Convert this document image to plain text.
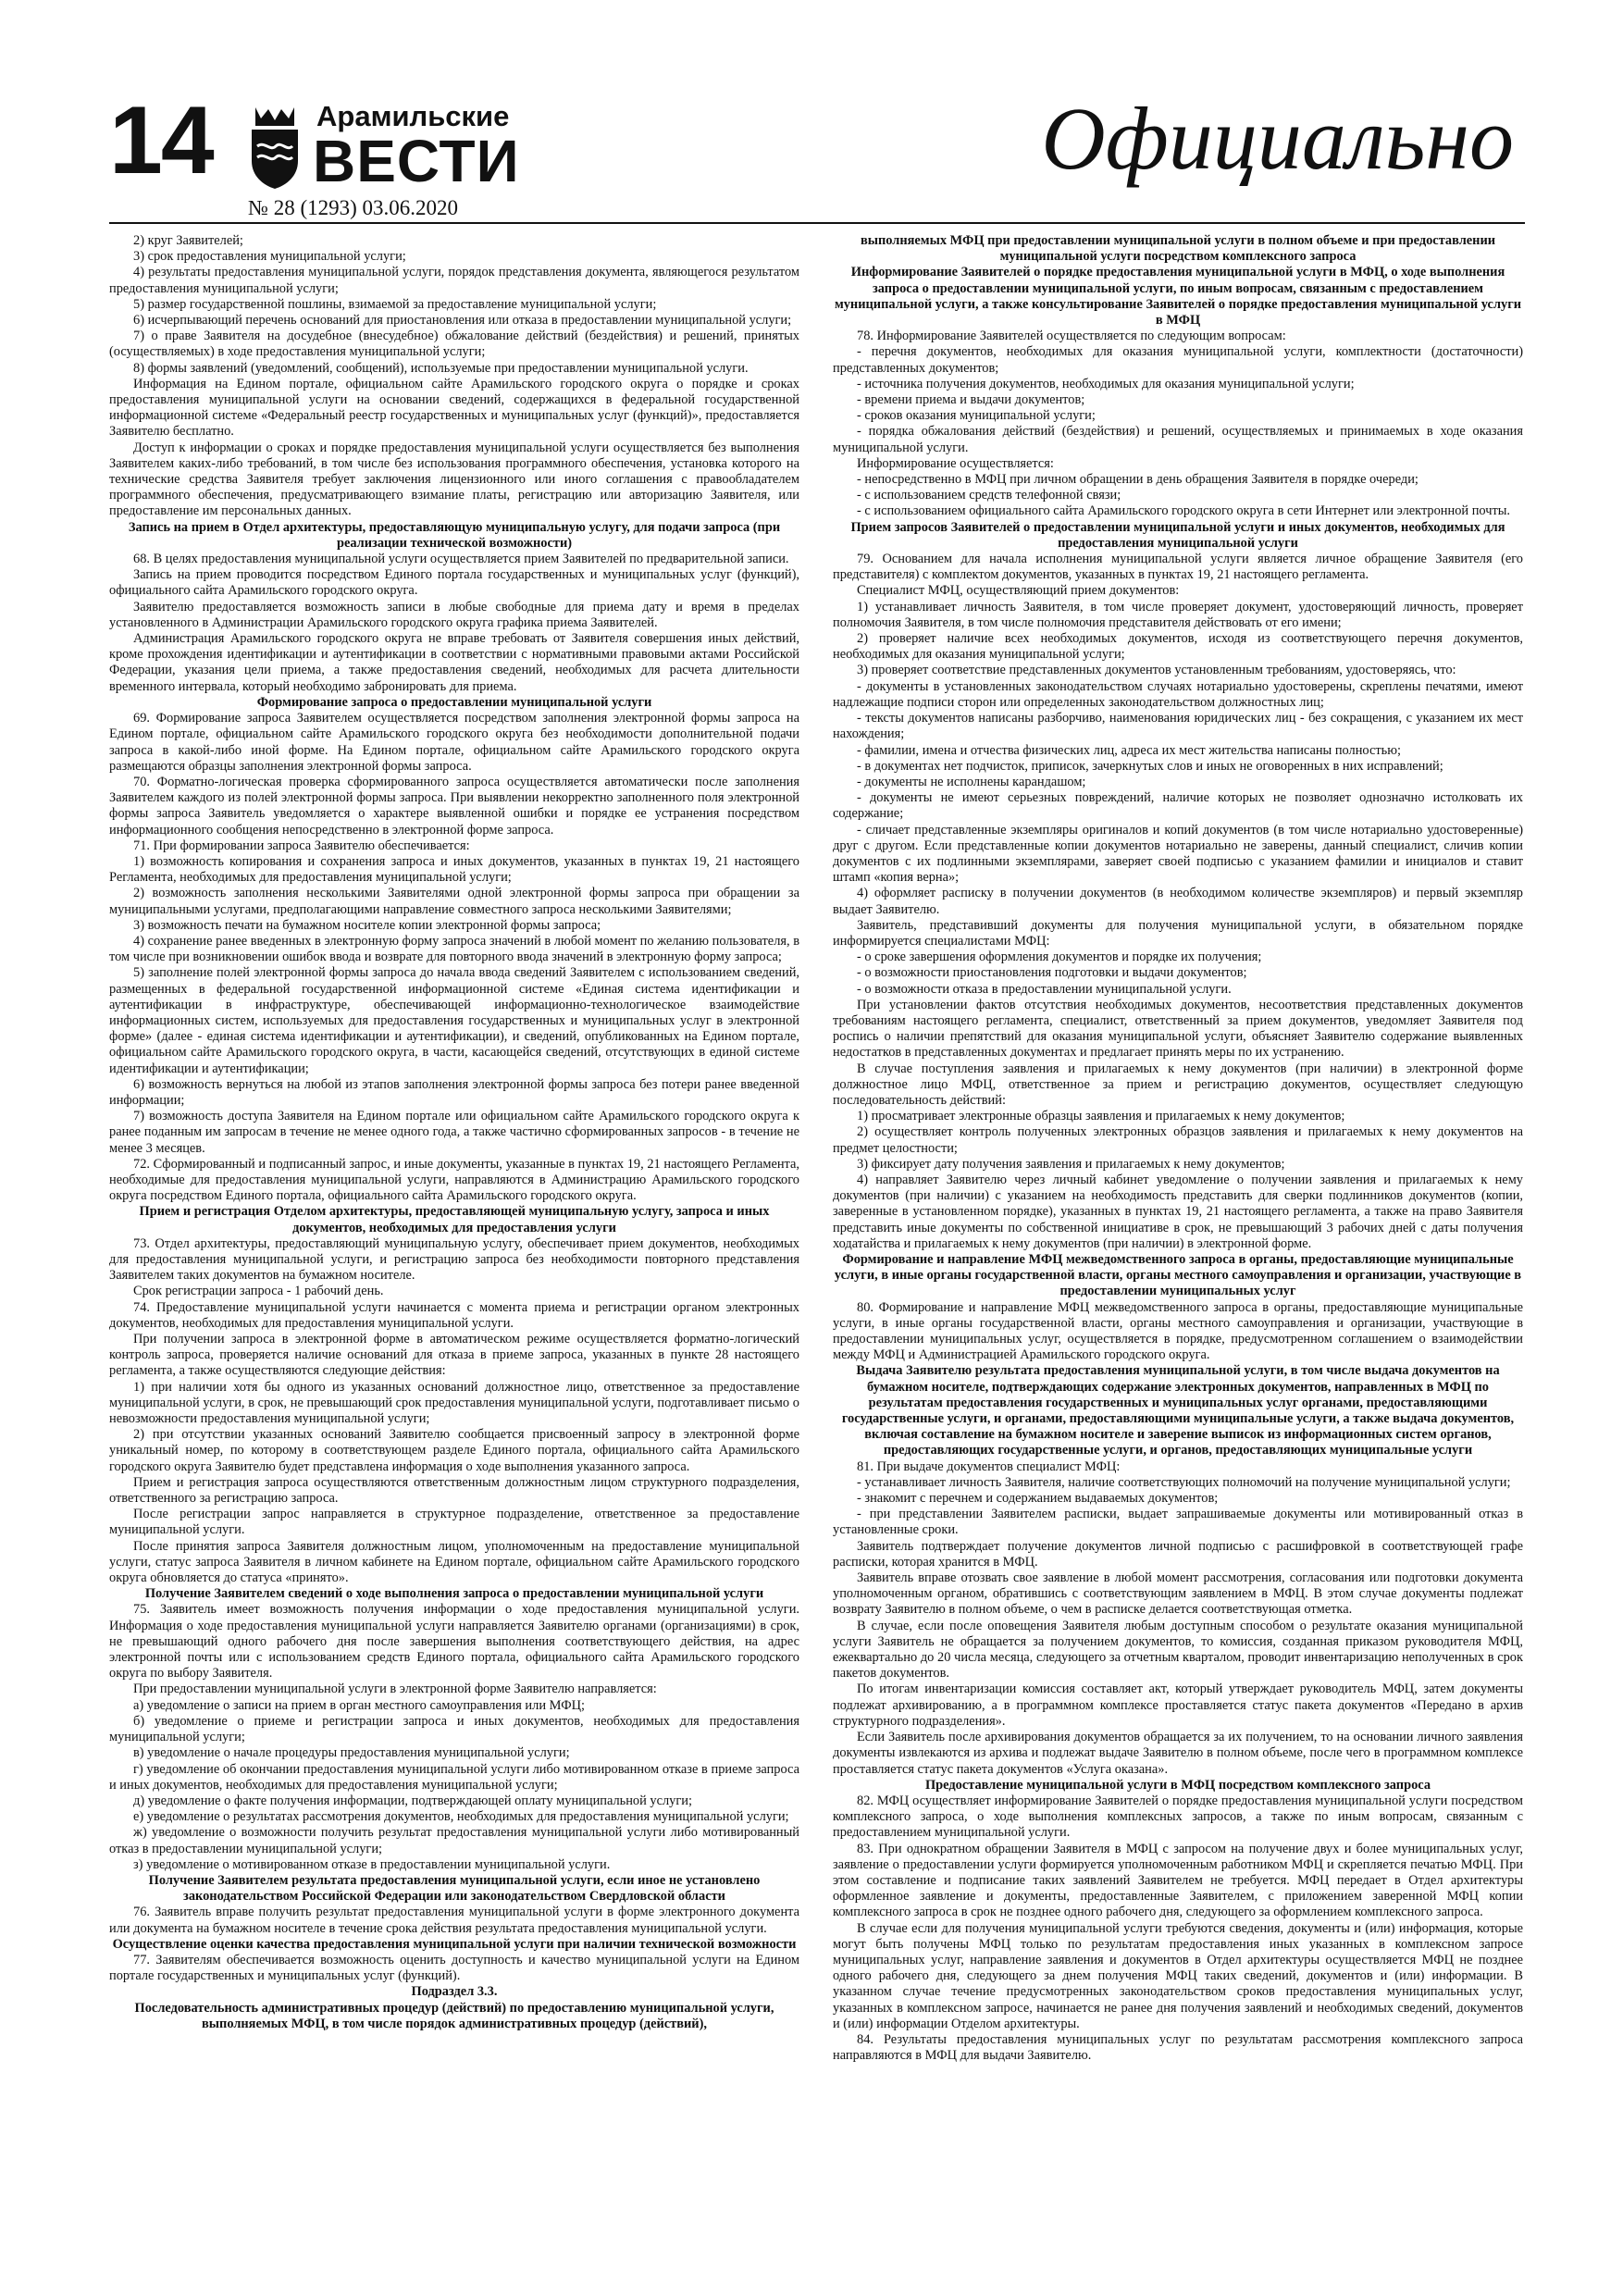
14	Арамильские
ВЕСТИ
№ 28 (1293) 03.06.2020
Официально

2) круг Заявителей;

3) срок предоставления муниципальной услуги;

4) результаты предоставления муниципальной услуги, порядок представления документа, являющегося результатом предоставления муниципальной услуги;

5) размер государственной пошлины, взимаемой за предоставление муниципальной услуги;

6) исчерпывающий перечень оснований для приостановления или отказа в предоставлении муниципальной услуги;

7) о праве Заявителя на досудебное (внесудебное) обжалование действий (бездействия) и решений, принятых (осуществляемых) в ходе предоставления муниципальной услуги;

8) формы заявлений (уведомлений, сообщений), используемые при предоставлении муниципальной услуги.

Информация на Едином портале, официальном сайте Арамильского городского округа о порядке и сроках предоставления муниципальной услуги на основании сведений, содержащихся в федеральной государственной информационной системе «Федеральный реестр государственных и муниципальных услуг (функций)», предоставляется Заявителю бесплатно.

Доступ к информации о сроках и порядке предоставления муниципальной услуги осуществляется без выполнения Заявителем каких-либо требований, в том числе без использования программного обеспечения, установка которого на технические средства Заявителя требует заключения лицензионного или иного соглашения с правообладателем программного обеспечения, предусматривающего взимание платы, регистрацию или авторизацию Заявителя, или предоставление им персональных данных.

Запись на прием в Отдел архитектуры, предоставляющую муниципальную услугу, для подачи запроса (при реализации технической возможности)

68. В целях предоставления муниципальной услуги осуществляется прием Заявителей по предварительной записи.

Запись на прием проводится посредством Единого портала государственных и муниципальных услуг (функций), официального сайта Арамильского городского округа.

Заявителю предоставляется возможность записи в любые свободные для приема дату и время в пределах установленного в Администрации Арамильского городского округа графика приема Заявителей.

Администрация Арамильского городского округа не вправе требовать от Заявителя совершения иных действий, кроме прохождения идентификации и аутентификации в соответствии с нормативными правовыми актами Российской Федерации, указания цели приема, а также предоставления сведений, необходимых для расчета длительности временного интервала, который необходимо забронировать для приема.

Формирование запроса о предоставлении муниципальной услуги

69. Формирование запроса Заявителем осуществляется посредством заполнения электронной формы запроса на Едином портале, официальном сайте Арамильского городского округа без необходимости дополнительной подачи запроса в какой-либо иной форме. На Едином портале, официальном сайте Арамильского городского округа размещаются образцы заполнения электронной формы запроса.

70. Форматно-логическая проверка сформированного запроса осуществляется автоматически после заполнения Заявителем каждого из полей электронной формы запроса. При выявлении некорректно заполненного поля электронной формы запроса Заявитель уведомляется о характере выявленной ошибки и порядке ее устранения посредством информационного сообщения непосредственно в электронной форме запроса.

71. При формировании запроса Заявителю обеспечивается:

1) возможность копирования и сохранения запроса и иных документов, указанных в пунктах 19, 21 настоящего Регламента, необходимых для предоставления муниципальной услуги;

2) возможность заполнения несколькими Заявителями одной электронной формы запроса при обращении за муниципальными услугами, предполагающими направление совместного запроса несколькими Заявителями;

3) возможность печати на бумажном носителе копии электронной формы запроса;

4) сохранение ранее введенных в электронную форму запроса значений в любой момент по желанию пользователя, в том числе при возникновении ошибок ввода и возврате для повторного ввода значений в электронную форму запроса;

5) заполнение полей электронной формы запроса до начала ввода сведений Заявителем с использованием сведений, размещенных в федеральной государственной информационной системе «Единая система идентификации и аутентификации в инфраструктуре, обеспечивающей информационно-технологическое взаимодействие информационных систем, используемых для предоставления государственных и муниципальных услуг в электронной форме» (далее - единая система идентификации и аутентификации), и сведений, опубликованных на Едином портале, официальном сайте Арамильского городского округа, в части, касающейся сведений, отсутствующих в единой системе идентификации и аутентификации;

6) возможность вернуться на любой из этапов заполнения электронной формы запроса без потери ранее введенной информации;

7) возможность доступа Заявителя на Едином портале или официальном сайте Арамильского городского округа к ранее поданным им запросам в течение не менее одного года, а также частично сформированных запросов - в течение не менее 3 месяцев.

72. Сформированный и подписанный запрос, и иные документы, указанные в пунктах 19, 21 настоящего Регламента, необходимые для предоставления муниципальной услуги, направляются в Администрацию Арамильского городского округа посредством Единого портала, официального сайта Арамильского городского округа.

Прием и регистрация Отделом архитектуры, предоставляющей муниципальную услугу, запроса и иных документов, необходимых для предоставления услуги

73. Отдел архитектуры, предоставляющий муниципальную услугу, обеспечивает прием документов, необходимых для предоставления муниципальной услуги, и регистрацию запроса без необходимости повторного представления Заявителем таких документов на бумажном носителе.

Срок регистрации запроса - 1 рабочий день.

74. Предоставление муниципальной услуги начинается с момента приема и регистрации органом электронных документов, необходимых для предоставления муниципальной услуги.

При получении запроса в электронной форме в автоматическом режиме осуществляется форматно-логический контроль запроса, проверяется наличие оснований для отказа в приеме запроса, указанных в пункте 28 настоящего регламента, а также осуществляются следующие действия:

1) при наличии хотя бы одного из указанных оснований должностное лицо, ответственное за предоставление муниципальной услуги, в срок, не превышающий срок предоставления муниципальной услуги, подготавливает письмо о невозможности предоставления муниципальной услуги;

2) при отсутствии указанных оснований Заявителю сообщается присвоенный запросу в электронной форме уникальный номер, по которому в соответствующем разделе Единого портала, официального сайта Арамильского городского округа Заявителю будет представлена информация о ходе выполнения указанного запроса.

Прием и регистрация запроса осуществляются ответственным должностным лицом структурного подразделения, ответственного за регистрацию запроса.

После регистрации запрос направляется в структурное подразделение, ответственное за предоставление муниципальной услуги.

После принятия запроса Заявителя должностным лицом, уполномоченным на предоставление муниципальной услуги, статус запроса Заявителя в личном кабинете на Едином портале, официальном сайте Арамильского городского округа обновляется до статуса «принято».

Получение Заявителем сведений о ходе выполнения запроса о предоставлении муниципальной услуги

75. Заявитель имеет возможность получения информации о ходе предоставления муниципальной услуги. Информация о ходе предоставления муниципальной услуги направляется Заявителю органами (организациями) в срок, не превышающий одного рабочего дня после завершения выполнения соответствующего действия, на адрес электронной почты или с использованием средств Единого портала, официального сайта Арамильского городского округа по выбору Заявителя.

При предоставлении муниципальной услуги в электронной форме Заявителю направляется:

а) уведомление о записи на прием в орган местного самоуправления или МФЦ;

б) уведомление о приеме и регистрации запроса и иных документов, необходимых для предоставления муниципальной услуги;

в) уведомление о начале процедуры предоставления муниципальной услуги;

г) уведомление об окончании предоставления муниципальной услуги либо мотивированном отказе в приеме запроса и иных документов, необходимых для предоставления муниципальной услуги;

д) уведомление о факте получения информации, подтверждающей оплату муниципальной услуги;

е) уведомление о результатах рассмотрения документов, необходимых для предоставления муниципальной услуги;

ж) уведомление о возможности получить результат предоставления муниципальной услуги либо мотивированный отказ в предоставлении муниципальной услуги;

з) уведомление о мотивированном отказе в предоставлении муниципальной услуги.

Получение Заявителем результата предоставления муниципальной услуги, если иное не установлено законодательством Российской Федерации или законодательством Свердловской области

76. Заявитель вправе получить результат предоставления муниципальной услуги в форме электронного документа или документа на бумажном носителе в течение срока действия результата предоставления муниципальной услуги.

Осуществление оценки качества предоставления муниципальной услуги при наличии технической возможности

77. Заявителям обеспечивается возможность оценить доступность и качество муниципальной услуги на Едином портале государственных и муниципальных услуг (функций).

Подраздел 3.3.

Последовательность административных процедур (действий) по предоставлению муниципальной услуги, выполняемых МФЦ, в том числе порядок административных процедур (действий),

выполняемых МФЦ при предоставлении муниципальной услуги в полном объеме и при предоставлении муниципальной услуги посредством комплексного запроса

Информирование Заявителей о порядке предоставления муниципальной услуги в МФЦ, о ходе выполнения запроса о предоставлении муниципальной услуги, по иным вопросам, связанным с предоставлением муниципальной услуги, а также консультирование Заявителей о порядке предоставления муниципальной услуги в МФЦ

78. Информирование Заявителей осуществляется по следующим вопросам:

- перечня документов, необходимых для оказания муниципальной услуги, комплектности (достаточности) представленных документов;

- источника получения документов, необходимых для оказания муниципальной услуги;

- времени приема и выдачи документов;

- сроков оказания муниципальной услуги;

- порядка обжалования действий (бездействия) и решений, осуществляемых и принимаемых в ходе оказания муниципальной услуги.

Информирование осуществляется:

- непосредственно в МФЦ при личном обращении в день обращения Заявителя в порядке очереди;

- с использованием средств телефонной связи;

- с использованием официального сайта Арамильского городского округа в сети Интернет или электронной почты.

Прием запросов Заявителей о предоставлении муниципальной услуги и иных документов, необходимых для предоставления муниципальной услуги

79. Основанием для начала исполнения муниципальной услуги является личное обращение Заявителя (его представителя) с комплектом документов, указанных в пунктах 19, 21 настоящего регламента.

Специалист МФЦ, осуществляющий прием документов:

1) устанавливает личность Заявителя, в том числе проверяет документ, удостоверяющий личность, проверяет полномочия Заявителя, в том числе полномочия представителя действовать от его имени;

2) проверяет наличие всех необходимых документов, исходя из соответствующего перечня документов, необходимых для оказания муниципальной услуги;

3) проверяет соответствие представленных документов установленным требованиям, удостоверяясь, что:

- документы в установленных законодательством случаях нотариально удостоверены, скреплены печатями, имеют надлежащие подписи сторон или определенных законодательством должностных лиц;

- тексты документов написаны разборчиво, наименования юридических лиц - без сокращения, с указанием их мест нахождения;

- фамилии, имена и отчества физических лиц, адреса их мест жительства написаны полностью;

- в документах нет подчисток, приписок, зачеркнутых слов и иных не оговоренных в них исправлений;

- документы не исполнены карандашом;

- документы не имеют серьезных повреждений, наличие которых не позволяет однозначно истолковать их содержание;

- сличает представленные экземпляры оригиналов и копий документов (в том числе нотариально удостоверенные) друг с другом. Если представленные копии документов нотариально не заверены, данный специалист, сличив копии документов с их подлинными экземплярами, заверяет своей подписью с указанием фамилии и инициалов и ставит штамп «копия верна»;

4) оформляет расписку в получении документов (в необходимом количестве экземпляров) и первый экземпляр выдает Заявителю.

Заявитель, представивший документы для получения муниципальной услуги, в обязательном порядке информируется специалистами МФЦ:

- о сроке завершения оформления документов и порядке их получения;

- о возможности приостановления подготовки и выдачи документов;

- о возможности отказа в предоставлении муниципальной услуги.

При установлении фактов отсутствия необходимых документов, несоответствия представленных документов требованиям настоящего регламента, специалист, ответственный за прием документов, уведомляет Заявителя под роспись о наличии препятствий для оказания муниципальной услуги, объясняет Заявителю содержание выявленных недостатков в представленных документах и предлагает принять меры по их устранению.

В случае поступления заявления и прилагаемых к нему документов (при наличии) в электронной форме должностное лицо МФЦ, ответственное за прием и регистрацию документов, осуществляет следующую последовательность действий:

1) просматривает электронные образцы заявления и прилагаемых к нему документов;

2) осуществляет контроль полученных электронных образцов заявления и прилагаемых к нему документов на предмет целостности;

3) фиксирует дату получения заявления и прилагаемых к нему документов;

4) направляет Заявителю через личный кабинет уведомление о получении заявления и прилагаемых к нему документов (при наличии) с указанием на необходимость представить для сверки подлинников документов (копии, заверенные в установленном порядке), указанных в пунктах 19, 21 настоящего регламента, а также на право Заявителя представить иные документы по собственной инициативе в срок, не превышающий 3 рабочих дней с даты получения ходатайства и прилагаемых к нему документов (при наличии) в электронной форме.

Формирование и направление МФЦ межведомственного запроса в органы, предоставляющие муниципальные услуги, в иные органы государственной власти, органы местного самоуправления и организации, участвующие в предоставлении муниципальных услуг

80. Формирование и направление МФЦ межведомственного запроса в органы, предоставляющие муниципальные услуги, в иные органы государственной власти, органы местного самоуправления и организации, участвующие в предоставлении муниципальных услуг, осуществляется в порядке, предусмотренном соглашением о взаимодействии между МФЦ и Администрацией Арамильского городского округа.

Выдача Заявителю результата предоставления муниципальной услуги, в том числе выдача документов на бумажном носителе, подтверждающих содержание электронных документов, направленных в МФЦ по результатам предоставления государственных и муниципальных услуг органами, предоставляющими государственные услуги, и органами, предоставляющими муниципальные услуги, а также выдача документов, включая составление на бумажном носителе и заверение выписок из информационных систем органов, предоставляющих государственные услуги, и органов, предоставляющих муниципальные услуги

81. При выдаче документов специалист МФЦ:

- устанавливает личность Заявителя, наличие соответствующих полномочий на получение муниципальной услуги;

- знакомит с перечнем и содержанием выдаваемых документов;

- при представлении Заявителем расписки, выдает запрашиваемые документы или мотивированный отказ в установленные сроки.

Заявитель подтверждает получение документов личной подписью с расшифровкой в соответствующей графе расписки, которая хранится в МФЦ.

Заявитель вправе отозвать свое заявление в любой момент рассмотрения, согласования или подготовки документа уполномоченным органом, обратившись с соответствующим заявлением в МФЦ. В этом случае документы подлежат возврату Заявителю в полном объеме, о чем в расписке делается соответствующая отметка.

В случае, если после оповещения Заявителя любым доступным способом о результате оказания муниципальной услуги Заявитель не обращается за получением документов, то комиссия, созданная приказом руководителя МФЦ, ежеквартально до 20 числа месяца, следующего за отчетным кварталом, проводит инвентаризацию неполученных в срок пакетов документов.

По итогам инвентаризации комиссия составляет акт, который утверждает руководитель МФЦ, затем документы подлежат архивированию, а в программном комплексе проставляется статус пакета документов «Передано в архив структурного подразделения».

Если Заявитель после архивирования документов обращается за их получением, то на основании личного заявления документы извлекаются из архива и подлежат выдаче Заявителю в полном объеме, после чего в программном комплексе проставляется статус пакета документов «Услуга оказана».

Предоставление муниципальной услуги в МФЦ посредством комплексного запроса

82. МФЦ осуществляет информирование Заявителей о порядке предоставления муниципальной услуги посредством комплексного запроса, о ходе выполнения комплексных запросов, а также по иным вопросам, связанным с предоставлением муниципальной услуги.

83. При однократном обращении Заявителя в МФЦ с запросом на получение двух и более муниципальных услуг, заявление о предоставлении услуги формируется уполномоченным работником МФЦ и скрепляется печатью МФЦ. При этом составление и подписание таких заявлений Заявителем не требуется. МФЦ передает в Отдел архитектуры оформленное заявление и документы, предоставленные Заявителем, с приложением заверенной МФЦ копии комплексного запроса в срок не позднее одного рабочего дня, следующего за оформлением комплексного запроса.

В случае если для получения муниципальной услуги требуются сведения, документы и (или) информация, которые могут быть получены МФЦ только по результатам предоставления иных указанных в комплексном запросе муниципальных услуг, направление заявления и документов в Отдел архитектуры осуществляется МФЦ не позднее одного рабочего дня, следующего за днем получения МФЦ таких сведений, документов и (или) информации. В указанном случае течение предусмотренных законодательством сроков предоставления муниципальных услуг, указанных в комплексном запросе, начинается не ранее дня получения заявлений и необходимых сведений, документов и (или) информации Отделом архитектуры.

84. Результаты предоставления муниципальных услуг по результатам рассмотрения комплексного запроса направляются в МФЦ для выдачи Заявителю.
